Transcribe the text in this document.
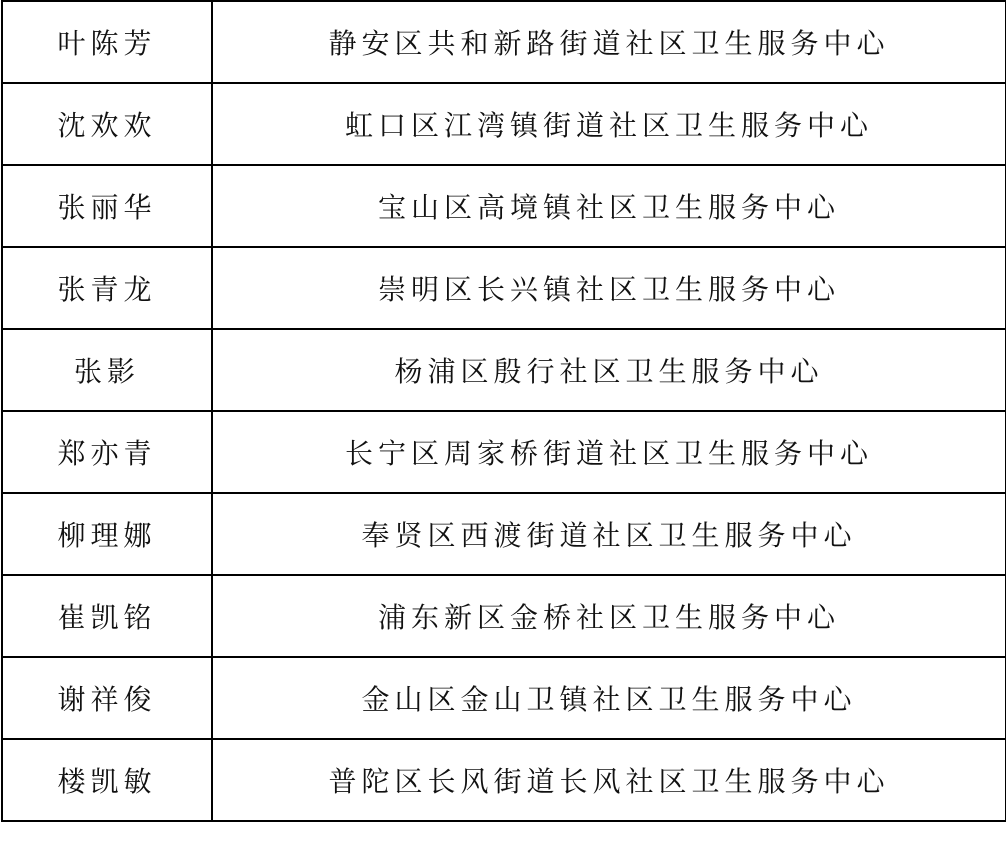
叶陈芳	静安区共和新路街道社区卫生服务中心
沈欢欢	虹口区江湾镇街道社区卫生服务中心
张丽华	宝山区高境镇社区卫生服务中心
张青龙	崇明区长兴镇社区卫生服务中心
张影	杨浦区殷行社区卫生服务中心
郑亦青	长宁区周家桥街道社区卫生服务中心
柳理娜	奉贤区西渡街道社区卫生服务中心
崔凯铭	浦东新区金桥社区卫生服务中心
谢祥俊	金山区金山卫镇社区卫生服务中心
楼凯敏	普陀区长风街道长风社区卫生服务中心
